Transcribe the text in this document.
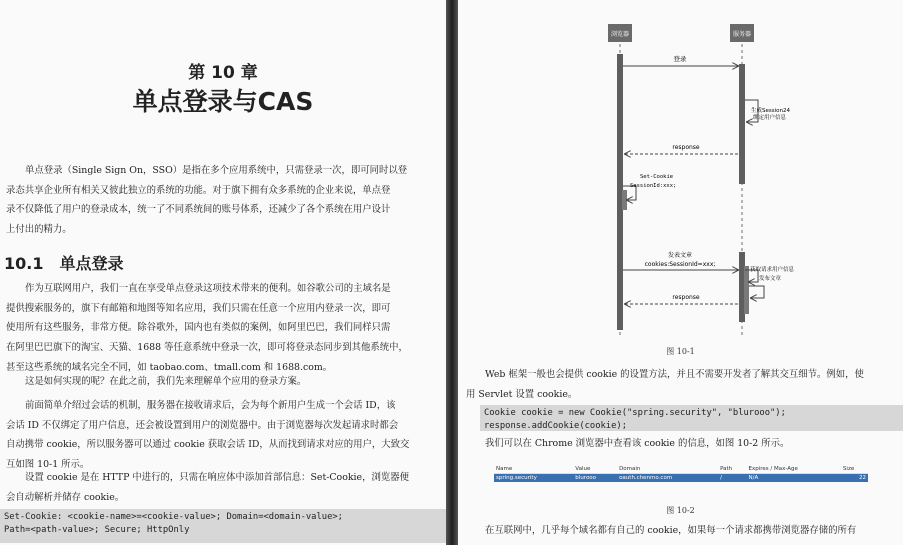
第 10 章
单点登录与CAS
单点登录（Single Sign On，SSO）是指在多个应用系统中，只需登录一次，即可同时以登
录态共享企业所有相关又彼此独立的系统的功能。对于旗下拥有众多系统的企业来说，单点登
录不仅降低了用户的登录成本，统一了不同系统间的账号体系，还减少了各个系统在用户设计
上付出的精力。
10.1　单点登录
作为互联网用户，我们一直在享受单点登录这项技术带来的便利。如谷歌公司的主域名是
提供搜索服务的，旗下有邮箱和地图等知名应用，我们只需在任意一个应用内登录一次，即可
使用所有这些服务，非常方便。除谷歌外，国内也有类似的案例，如阿里巴巴，我们同样只需
在阿里巴巴旗下的淘宝、天猫、1688 等任意系统中登录一次，即可将登录态同步到其他系统中，
甚至这些系统的域名完全不同，如 taobao.com、tmall.com 和 1688.com。
这是如何实现的呢？在此之前，我们先来理解单个应用的登录方案。
前面简单介绍过会话的机制，服务器在接收请求后，会为每个新用户生成一个会话 ID，该
会话 ID 不仅绑定了用户信息，还会被设置到用户的浏览器中。由于浏览器每次发起请求时都会
自动携带 cookie，所以服务器可以通过 cookie 获取会话 ID，从而找到请求对应的用户，大致交
互如图 10-1 所示。
设置 cookie 是在 HTTP 中进行的，只需在响应体中添加首部信息：Set-Cookie，浏览器便
会自动解析并储存 cookie。
Set-Cookie: <cookie-name>=<cookie-value>; Domain=<domain-value>;
Path=<path-value>; Secure; HttpOnly
浏览器	服务器
登录
生成Session24
绑定用户信息
response
Set-Cookie
SessionId:xxx;
发表文章
cookies:SessionId=xxx;
获取请求用户信息
发布文章
response
图 10-1
Web 框架一般也会提供 cookie 的设置方法，并且不需要开发者了解其交互细节。例如，使
用 Servlet 设置 cookie。
Cookie cookie = new Cookie("spring.security", "blurooo");
response.addCookie(cookie);
我们可以在 Chrome 浏览器中查看该 cookie 的信息，如图 10-2 所示。
Name	Value	Domain	Path	Expires / Max-Age	Size
spring.security	blurooo	oauth.chenmo.com	/	N/A	22
图 10-2
在互联网中，几乎每个域名都有自己的 cookie，如果每一个请求都携带浏览器存储的所有
